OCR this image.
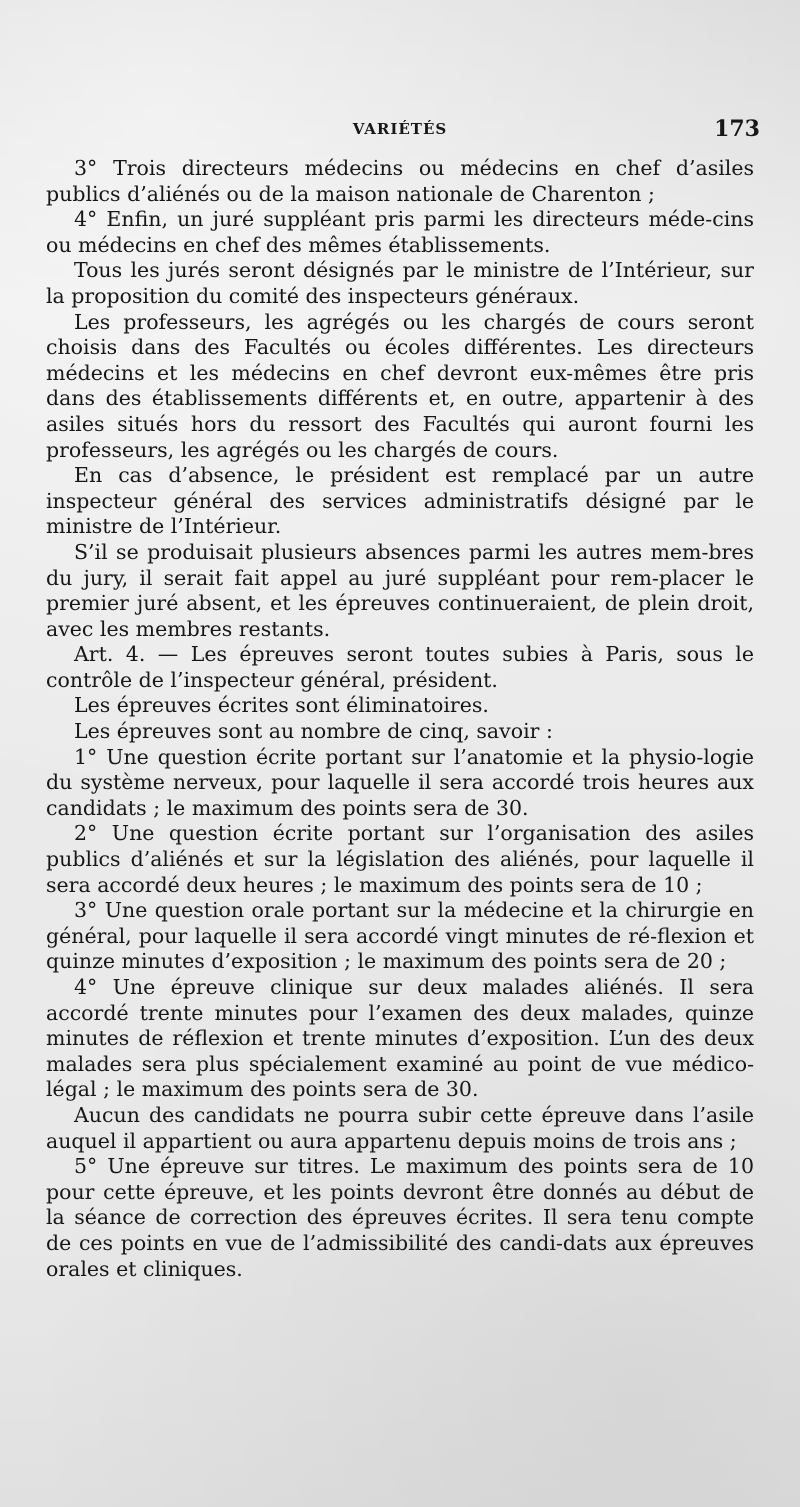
VARIÉTÉS	173

3° Trois directeurs médecins ou médecins en chef d’asiles publics d’aliénés ou de la maison nationale de Charenton ;

4° Enfin, un juré suppléant pris parmi les directeurs méde-cins ou médecins en chef des mêmes établissements.

Tous les jurés seront désignés par le ministre de l’Intérieur, sur la proposition du comité des inspecteurs généraux.

Les professeurs, les agrégés ou les chargés de cours seront choisis dans des Facultés ou écoles différentes. Les directeurs médecins et les médecins en chef devront eux-mêmes être pris dans des établissements différents et, en outre, appartenir à des asiles situés hors du ressort des Facultés qui auront fourni les professeurs, les agrégés ou les chargés de cours.

En cas d’absence, le président est remplacé par un autre inspecteur général des services administratifs désigné par le ministre de l’Intérieur.

S’il se produisait plusieurs absences parmi les autres mem-bres du jury, il serait fait appel au juré suppléant pour rem-placer le premier juré absent, et les épreuves continueraient, de plein droit, avec les membres restants.

Art. 4. — Les épreuves seront toutes subies à Paris, sous le contrôle de l’inspecteur général, président.

Les épreuves écrites sont éliminatoires.

Les épreuves sont au nombre de cinq, savoir :

1° Une question écrite portant sur l’anatomie et la physio-logie du système nerveux, pour laquelle il sera accordé trois heures aux candidats ; le maximum des points sera de 30.

2° Une question écrite portant sur l’organisation des asiles publics d’aliénés et sur la législation des aliénés, pour laquelle il sera accordé deux heures ; le maximum des points sera de 10 ;

3° Une question orale portant sur la médecine et la chirurgie en général, pour laquelle il sera accordé vingt minutes de ré-flexion et quinze minutes d’exposition ; le maximum des points sera de 20 ;

4° Une épreuve clinique sur deux malades aliénés. Il sera accordé trente minutes pour l’examen des deux malades, quinze minutes de réflexion et trente minutes d’exposition. L’un des deux malades sera plus spécialement examiné au point de vue médico-légal ; le maximum des points sera de 30.

Aucun des candidats ne pourra subir cette épreuve dans l’asile auquel il appartient ou aura appartenu depuis moins de trois ans ;

5° Une épreuve sur titres. Le maximum des points sera de 10 pour cette épreuve, et les points devront être donnés au début de la séance de correction des épreuves écrites. Il sera tenu compte de ces points en vue de l’admissibilité des candi-dats aux épreuves orales et cliniques.
